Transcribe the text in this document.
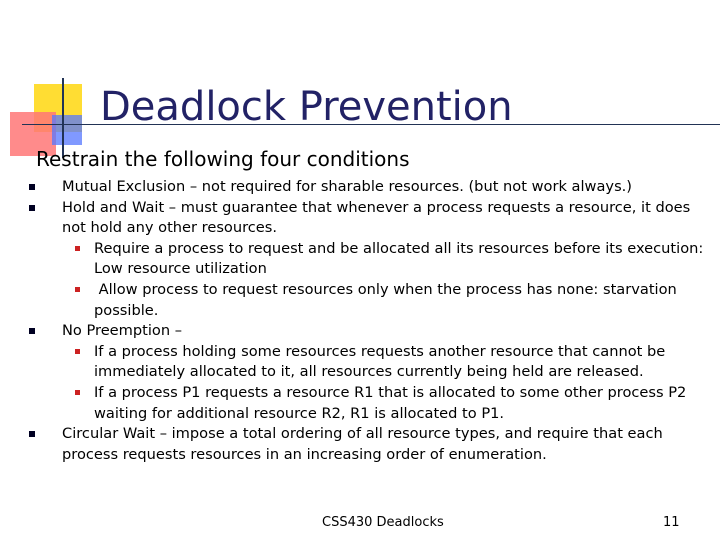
Deadlock Prevention
Restrain the following four conditions
Mutual Exclusion – not required for sharable resources. (but not work always.)
Hold and Wait – must guarantee that whenever a process requests a resource, it does not hold any other resources.
Require a process to request and be allocated all its resources before its execution: Low resource utilization
Allow process to request resources only when the process has none: starvation possible.
No Preemption –
If a process holding some resources requests another resource that cannot be immediately allocated to it, all resources currently being held are released.
If a process P1 requests a resource R1 that is allocated to some other process P2 waiting for additional resource R2, R1 is allocated to P1.
Circular Wait – impose a total ordering of all resource types, and require that each process requests resources in an increasing order of enumeration.
CSS430 Deadlocks	11
